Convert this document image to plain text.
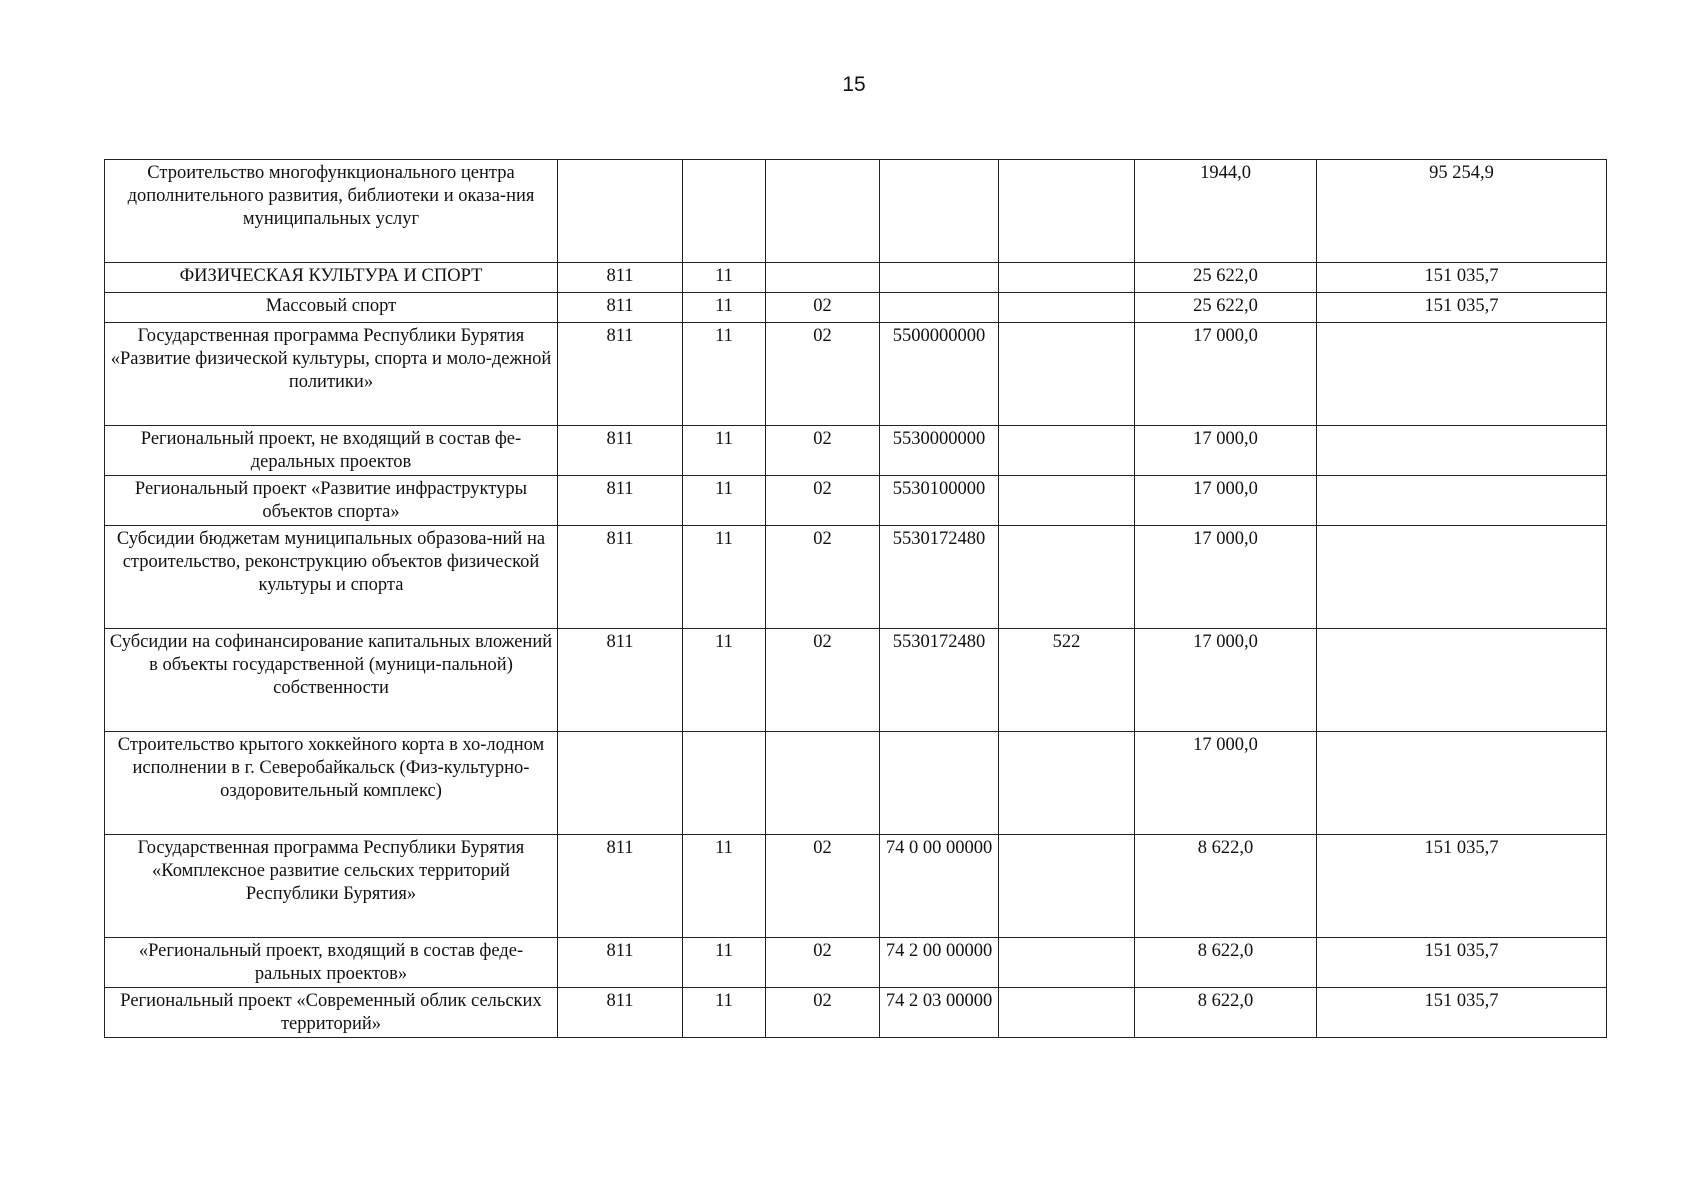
15
Строительство многофункционального центра дополнительного развития, библиотеки и оказа-ния муниципальных услуг						1944,0	95 254,9
ФИЗИЧЕСКАЯ КУЛЬТУРА И СПОРТ	811	11				25 622,0	151 035,7
Массовый спорт	811	11	02			25 622,0	151 035,7
Государственная программа Республики Бурятия «Развитие физической культуры, спорта и моло-дежной политики»	811	11	02	5500000000		17 000,0	
Региональный проект, не входящий в состав фе-деральных проектов	811	11	02	5530000000		17 000,0	
Региональный проект «Развитие инфраструктуры объектов спорта»	811	11	02	5530100000		17 000,0	
Субсидии бюджетам муниципальных образова-ний на строительство, реконструкцию объектов физической культуры и спорта	811	11	02	5530172480		17 000,0	
Субсидии на софинансирование капитальных вложений в объекты государственной (муници-пальной) собственности	811	11	02	5530172480	522	17 000,0	
Строительство крытого хоккейного корта в хо-лодном исполнении в г. Северобайкальск (Физ-культурно-оздоровительный комплекс)						17 000,0	
Государственная программа Республики Бурятия «Комплексное развитие сельских территорий Республики Бурятия»	811	11	02	74 0 00 00000		8 622,0	151 035,7
«Региональный проект, входящий в состав феде-ральных проектов»	811	11	02	74 2 00 00000		8 622,0	151 035,7
Региональный проект «Современный облик сельских территорий»	811	11	02	74 2 03 00000		8 622,0	151 035,7
